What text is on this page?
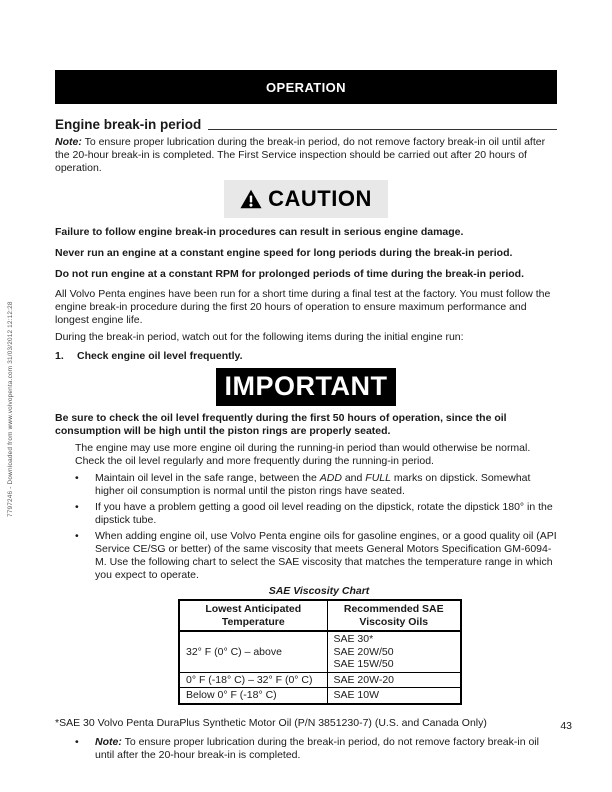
7797246 - Downloaded from www.volvopenta.com 31/03/2012 12:12:28
OPERATION
Engine break-in period

Note: To ensure proper lubrication during the break-in period, do not remove factory break-in oil until after the 20-hour break-in is completed. The First Service inspection should be carried out after 20 hours of operation.

CAUTION

Failure to follow engine break-in procedures can result in serious engine damage.

Never run an engine at a constant engine speed for long periods during the break-in period.

Do not run engine at a constant RPM for prolonged periods of time during the break-in period.

All Volvo Penta engines have been run for a short time during a final test at the factory. You must follow the engine break-in procedure during the first 20 hours of operation to ensure maximum performance and longest engine life.

During the break-in period, watch out for the following items during the initial engine run:

1.	Check engine oil level frequently.
IMPORTANT

Be sure to check the oil level frequently during the first 50 hours of operation, since the oil consumption will be high until the piston rings are properly seated.

The engine may use more engine oil during the running-in period than would otherwise be normal. Check the oil level regularly and more frequently during the running-in period.

•	Maintain oil level in the safe range, between the ADD and FULL marks on dipstick. Somewhat higher oil consumption is normal until the piston rings have seated.
•	If you have a problem getting a good oil level reading on the dipstick, rotate the dipstick 180° in the dipstick tube.
•	When adding engine oil, use Volvo Penta engine oils for gasoline engines, or a good quality oil (API Service CE/SG or better) of the same viscosity that meets General Motors Specification GM-6094-M. Use the following chart to select the SAE viscosity that matches the temperature range in which you expect to operate.
SAE Viscosity Chart
Lowest Anticipated Temperature	Recommended SAE Viscosity Oils
32° F (0° C) – above	SAE 30*
SAE 20W/50
SAE 15W/50

0° F (-18° C) – 32° F (0° C)	SAE 20W-20
Below 0° F (-18° C)	SAE 10W

*SAE 30 Volvo Penta DuraPlus Synthetic Motor Oil (P/N 3851230-7) (U.S. and Canada Only)

•	Note: To ensure proper lubrication during the break-in period, do not remove factory break-in oil until after the 20-hour break-in is completed.
43
